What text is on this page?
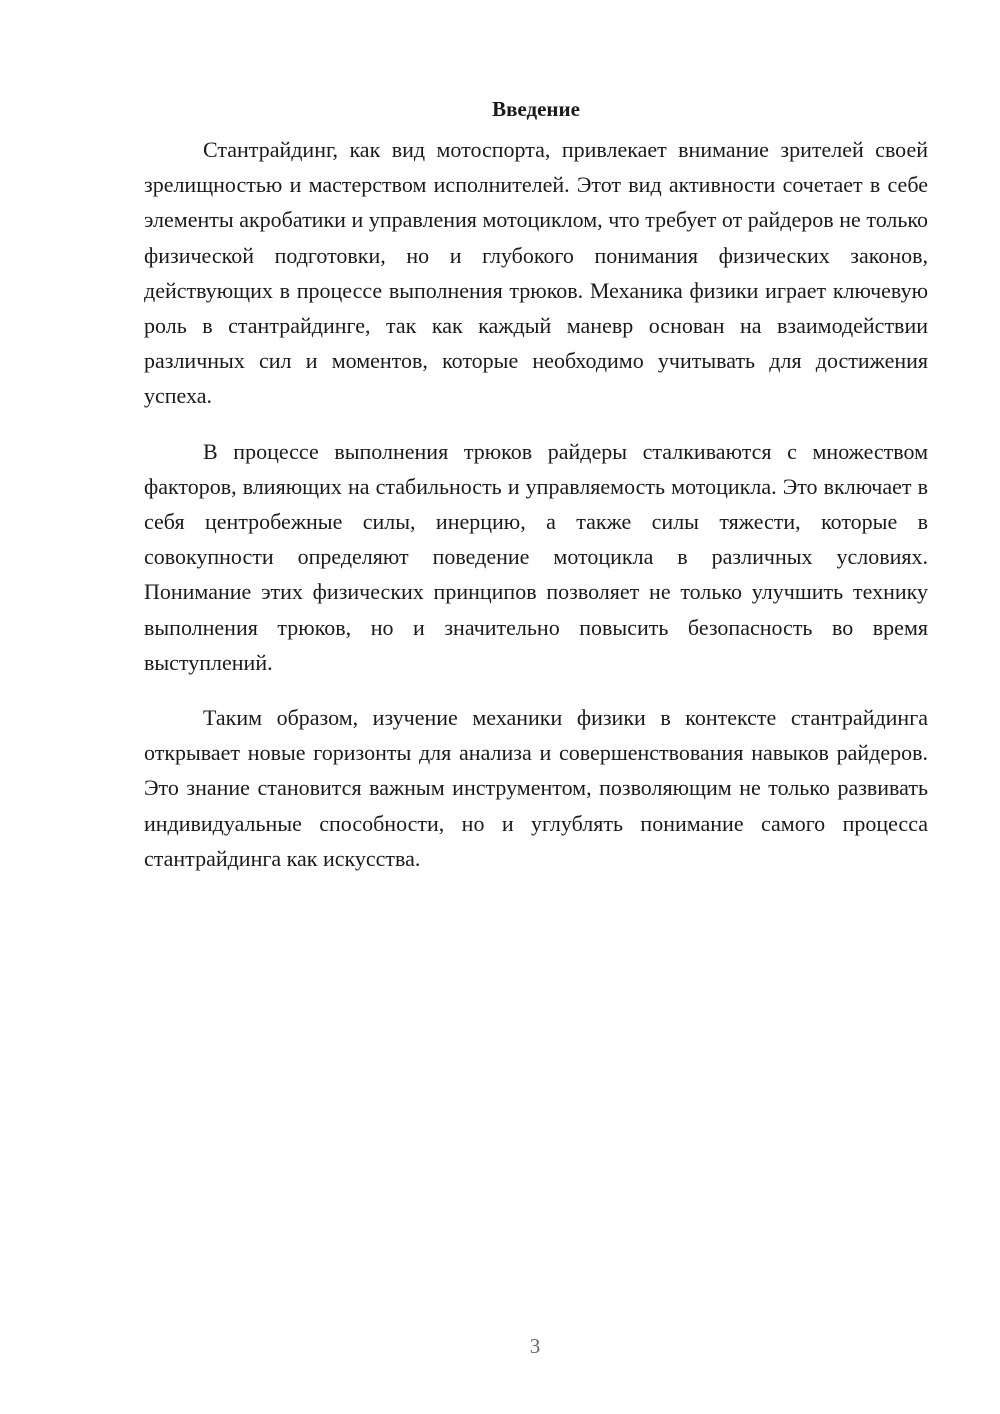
Введение

Стантрайдинг, как вид мотоспорта, привлекает внимание зрителей своей зрелищностью и мастерством исполнителей. Этот вид активности сочетает в себе элементы акробатики и управления мотоциклом, что требует от райдеров не только физической подготовки, но и глубокого понимания физических законов, действующих в процессе выполнения трюков. Механика физики играет ключевую роль в стантрайдинге, так как каждый маневр основан на взаимодействии различных сил и моментов, которые необходимо учитывать для достижения успеха.

В процессе выполнения трюков райдеры сталкиваются с множеством факторов, влияющих на стабильность и управляемость мотоцикла. Это включает в себя центробежные силы, инерцию, а также силы тяжести, которые в совокупности определяют поведение мотоцикла в различных условиях. Понимание этих физических принципов позволяет не только улучшить технику выполнения трюков, но и значительно повысить безопасность во время выступлений.

Таким образом, изучение механики физики в контексте стантрайдинга открывает новые горизонты для анализа и совершенствования навыков райдеров. Это знание становится важным инструментом, позволяющим не только развивать индивидуальные способности, но и углублять понимание самого процесса стантрайдинга как искусства.

3
